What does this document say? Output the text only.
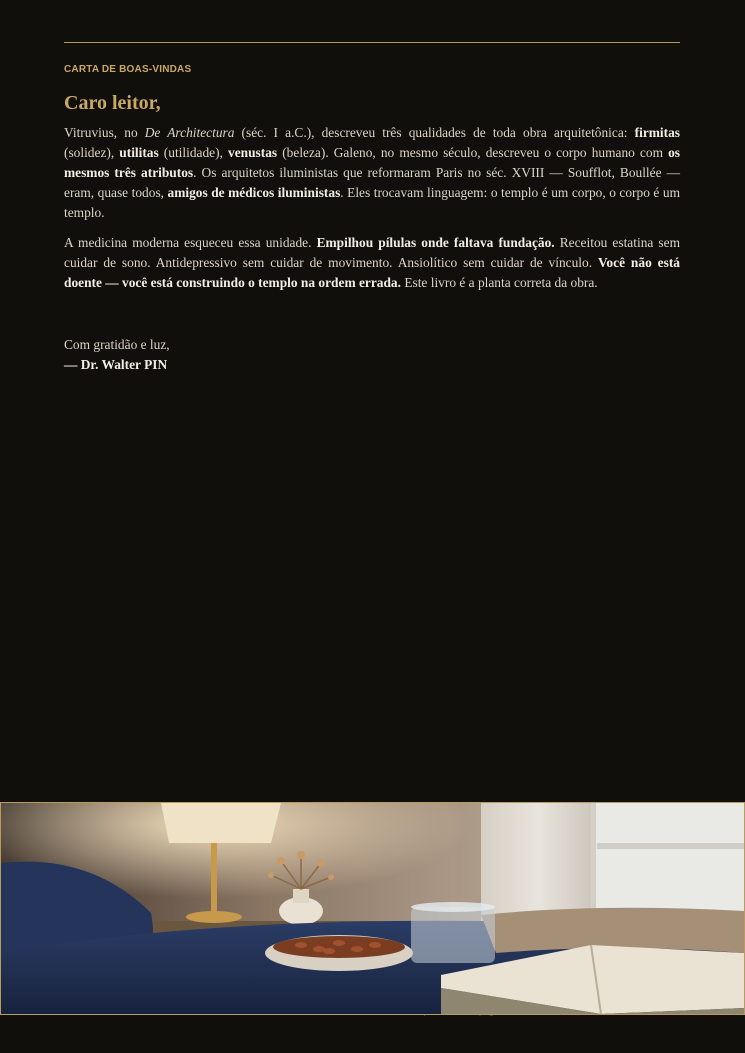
CARTA DE BOAS-VINDAS
Caro leitor,

Vitruvius, no De Architectura (séc. I a.C.), descreveu três qualidades de toda obra arquitetônica: firmitas (solidez), utilitas (utilidade), venustas (beleza). Galeno, no mesmo século, descreveu o corpo humano com os mesmos três atributos. Os arquitetos iluministas que reformaram Paris no séc. XVIII — Soufflot, Boullée — eram, quase todos, amigos de médicos iluministas. Eles trocavam linguagem: o templo é um corpo, o corpo é um templo.

A medicina moderna esqueceu essa unidade. Empilhou pílulas onde faltava fundação. Receitou estatina sem cuidar de sono. Antidepressivo sem cuidar de movimento. Ansiolítico sem cuidar de vínculo. Você não está doente — você está construindo o templo na ordem errada. Este livro é a planta correta da obra.

Com gratidão e luz,
— Dr. Walter PIN
